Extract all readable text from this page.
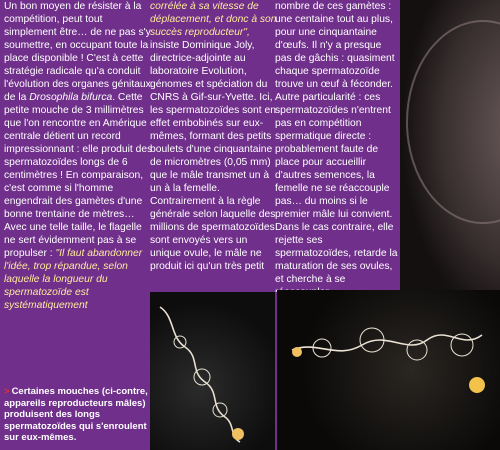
Un bon moyen de résister à la compétition, peut tout simplement être… de ne pas s'y soumettre, en occupant toute la place disponible ! C'est à cette stratégie radicale qu'a conduit l'évolution des organes génitaux de la Drosophila bifurca. Cette petite mouche de 3 millimètres que l'on rencontre en Amérique centrale détient un record impressionnant : elle produit des spermatozoïdes longs de 6 centimètres ! En comparaison, c'est comme si l'homme engendrait des gamètes d'une bonne trentaine de mètres… Avec une telle taille, le flagelle ne sert évidemment pas à se propulser : "Il faut abandonner l'idée, trop répandue, selon laquelle la longueur du spermatozoïde est systématiquement

corrélée à sa vitesse de déplacement, et donc à son succès reproducteur", insiste Dominique Joly, directrice-adjointe au laboratoire Evolution, génomes et spéciation du CNRS à Gif-sur-Yvette. Ici, les spermatozoïdes sont en effet embobinés sur eux-mêmes, formant des petits boulets d'une cinquantaine de micromètres (0,05 mm) que le mâle transmet un à un à la femelle.
Contrairement à la règle générale selon laquelle des millions de spermatozoïdes sont envoyés vers un unique ovule, le mâle ne produit ici qu'un très petit

nombre de ces gamètes : une centaine tout au plus, pour une cinquantaine d'œufs. Il n'y a presque pas de gâchis : quasiment chaque spermatozoïde trouve un œuf à féconder. Autre particularité : ces spermatozoïdes n'entrent pas en compétition spermatique directe : probablement faute de place pour accueillir d'autres semences, la femelle ne se réaccouple pas… du moins si le premier mâle lui convient. Dans le cas contraire, elle rejette ses spermatozoïdes, retarde la maturation de ses ovules, et cherche à se

> Certaines mouches (ci-contre, appareils reproducteurs mâles) produisent des longs spermatozoïdes qui s'enroulent sur eux-mêmes.
